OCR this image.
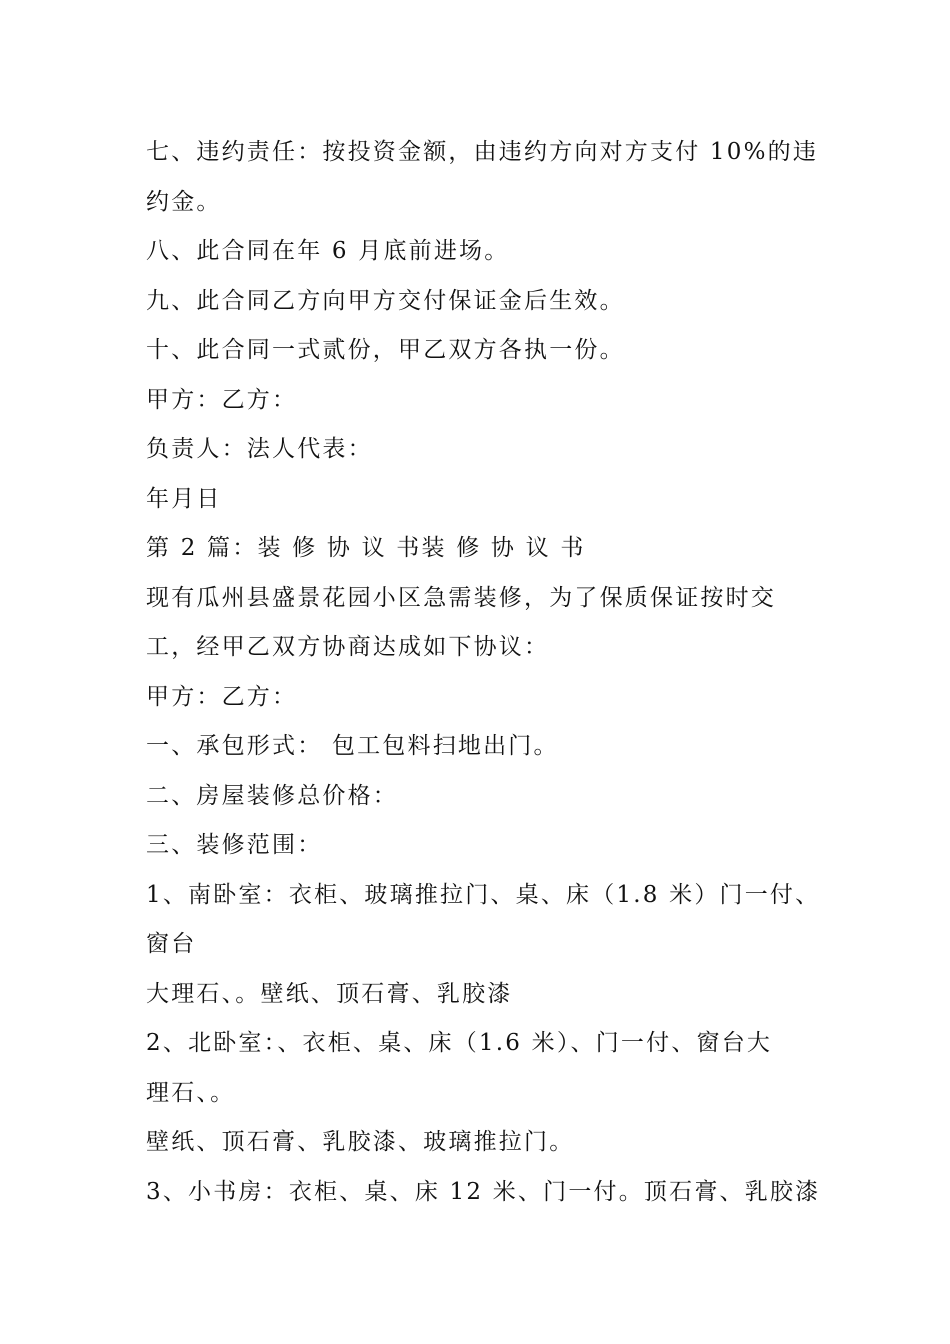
七、违约责任：按投资金额，由违约方向对方支付 10%的违
约金。
八、此合同在年 6 月底前进场。
九、此合同乙方向甲方交付保证金后生效。
十、此合同一式贰份，甲乙双方各执一份。
甲方：乙方：
负责人：法人代表：
年月日
第 2 篇：装 修 协 议 书装 修 协 议 书
现有瓜州县盛景花园小区急需装修，为了保质保证按时交
工，经甲乙双方协商达成如下协议：
甲方：乙方：
一、承包形式： 包工包料扫地出门。
二、房屋装修总价格：
三、装修范围：
1、南卧室：衣柜、玻璃推拉门、桌、床（1.8 米）门一付、
窗台
大理石、。壁纸、顶石膏、乳胶漆
2、北卧室：、衣柜、桌、床（1.6 米）、门一付、窗台大
理石、。
壁纸、顶石膏、乳胶漆、玻璃推拉门。
3、小书房：衣柜、桌、床 12 米、门一付。顶石膏、乳胶漆
